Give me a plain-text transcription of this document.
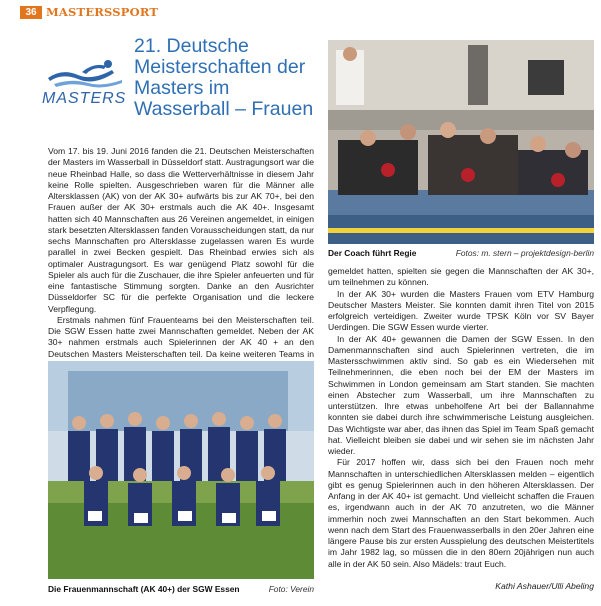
36 MASTERSSPORT
MASTERS
21. Deutsche Meisterschaften der Masters im Wasserball – Frauen

Vom 17. bis 19. Juni 2016 fanden die 21. Deutschen Meisterschaften der Masters im Wasserball in Düsseldorf statt. Austragungsort war die neue Rheinbad Halle, so dass die Wetterverhältnisse in diesem Jahr keine Rolle spielten. Ausgeschrieben waren für die Männer alle Altersklassen (AK) von der AK 30+ aufwärts bis zur AK 70+, bei den Frauen außer der AK 30+ erstmals auch die AK 40+. Insgesamt hatten sich 40 Mannschaften aus 26 Vereinen angemeldet, in einigen stark besetzten Altersklassen fanden Vorausscheidungen statt, da nur sechs Mannschaften pro Altersklasse zugelassen waren Es wurde parallel in zwei Becken gespielt. Das Rheinbad erwies sich als optimaler Austragungsort. Es war genügend Platz sowohl für die Spieler als auch für die Zuschauer, die ihre Spieler anfeuerten und für eine fantastische Stimmung sorgten. Danke an den Ausrichter Düsseldorfer SC für die perfekte Organisation und die leckere Verpflegung.

Erstmals nahmen fünf Frauenteams bei den Meisterschaften teil. Die SGW Essen hatte zwei Mannschaften gemeldet. Neben der AK 30+ nahmen erstmals auch Spielerinnen der AK 40 + an den Deutschen Masters Meisterschaften teil. Da keine weiteren Teams in

Der Coach führt Regie	Fotos: m. stern – projektdesign-berlin

gemeldet hatten, spielten sie gegen die Mannschaften der AK 30+, um teilnehmen zu können.

In der AK 30+ wurden die Masters Frauen vom ETV Hamburg Deutscher Masters Meister. Sie konnten damit ihren Titel von 2015 erfolgreich verteidigen. Zweiter wurde TPSK Köln vor SV Bayer Uerdingen. Die SGW Essen wurde vierter.

In der AK 40+ gewannen die Damen der SGW Essen. In den Damenmannschaften sind auch Spielerinnen vertreten, die im Mastersschwimmen aktiv sind. So gab es ein Wiedersehen mit Teilnehmerinnen, die eben noch bei der EM der Masters im Schwimmen in London gemeinsam am Start standen. Sie machten einen Abstecher zum Wasserball, um ihre Mannschaften zu unterstützen. Ihre etwas unbeholfene Art bei der Ballannahme konnten sie dabei durch ihre schwimmerische Leistung ausgleichen. Das Wichtigste war aber, das ihnen das Spiel im Team Spaß gemacht hat. Vielleicht bleiben sie dabei und wir sehen sie im nächsten Jahr wieder.

Für 2017 hoffen wir, dass sich bei den Frauen noch mehr Mannschaften in unterschiedlichen Altersklassen melden – eigentlich gibt es genug Spielerinnen auch in den höheren Altersklassen. Der Anfang in der AK 40+ ist gemacht. Und vielleicht schaffen die Frauen es, irgendwann auch in der AK 70 anzutreten, wo die Männer immerhin noch zwei Mannschaften an den Start bekommen. Auch wenn nach dem Start des Frauenwasserballs in den 20er Jahren eine längere Pause bis zur ersten Ausspielung des deutschen Meistertitels im Jahr 1982 lag, so müssen die in den 80ern 20jährigen nun auch alle in der AK 50 sein. Also Mädels: traut Euch.

Die Frauenmannschaft (AK 40+) der SGW Essen	Foto: Verein	Kathi Ashauer/Ulli Abeling
